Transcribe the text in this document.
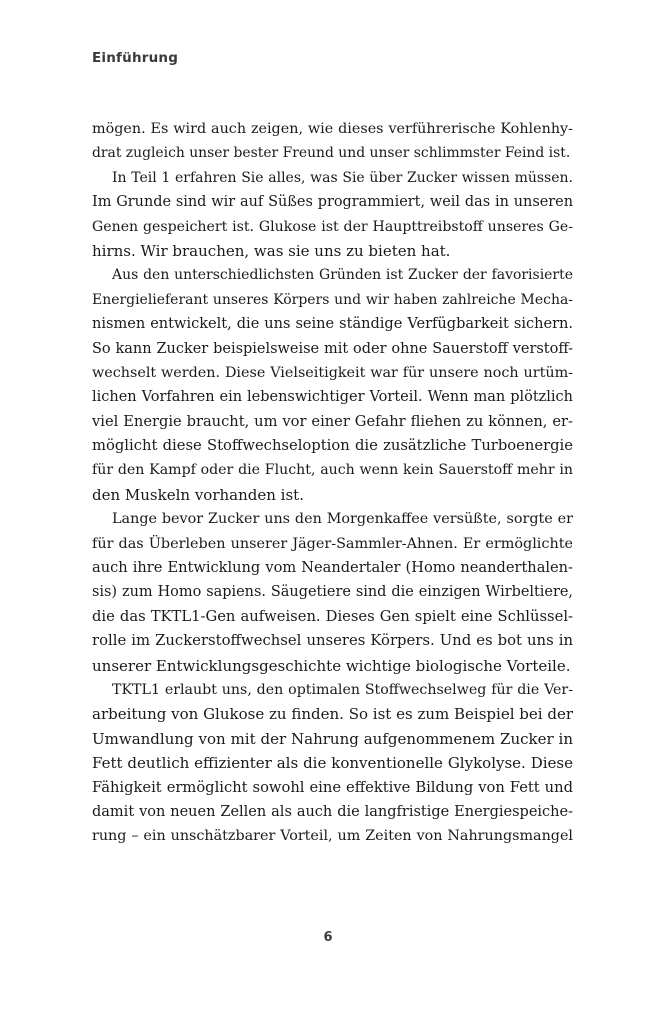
Einführung
mögen. Es wird auch zeigen, wie dieses verführerische Kohlenhy-
drat zugleich unser bester Freund und unser schlimmster Feind ist.
In Teil 1 erfahren Sie alles, was Sie über Zucker wissen müssen.
Im Grunde sind wir auf Süßes programmiert, weil das in unseren
Genen gespeichert ist. Glukose ist der Haupttreibstoff unseres Ge-
hirns. Wir brauchen, was sie uns zu bieten hat.
Aus den unterschiedlichsten Gründen ist Zucker der favorisierte
Energielieferant unseres Körpers und wir haben zahlreiche Mecha-
nismen entwickelt, die uns seine ständige Verfügbarkeit sichern.
So kann Zucker beispielsweise mit oder ohne Sauerstoff verstoff-
wechselt werden. Diese Vielseitigkeit war für unsere noch urtüm-
lichen Vorfahren ein lebenswichtiger Vorteil. Wenn man plötzlich
viel Energie braucht, um vor einer Gefahr fliehen zu können, er-
möglicht diese Stoffwechseloption die zusätzliche Turboenergie
für den Kampf oder die Flucht, auch wenn kein Sauerstoff mehr in
den Muskeln vorhanden ist.
Lange bevor Zucker uns den Morgenkaffee versüßte, sorgte er
für das Überleben unserer Jäger-Sammler-Ahnen. Er ermöglichte
auch ihre Entwicklung vom Neandertaler (Homo neanderthalen-
sis) zum Homo sapiens. Säugetiere sind die einzigen Wirbeltiere,
die das TKTL1-Gen aufweisen. Dieses Gen spielt eine Schlüssel-
rolle im Zuckerstoffwechsel unseres Körpers. Und es bot uns in
unserer Entwicklungsgeschichte wichtige biologische Vorteile.
TKTL1 erlaubt uns, den optimalen Stoffwechselweg für die Ver-
arbeitung von Glukose zu finden. So ist es zum Beispiel bei der
Umwandlung von mit der Nahrung aufgenommenem Zucker in
Fett deutlich effizienter als die konventionelle Glykolyse. Diese
Fähigkeit ermöglicht sowohl eine effektive Bildung von Fett und
damit von neuen Zellen als auch die langfristige Energiespeiche-
rung – ein unschätzbarer Vorteil, um Zeiten von Nahrungsmangel
6
